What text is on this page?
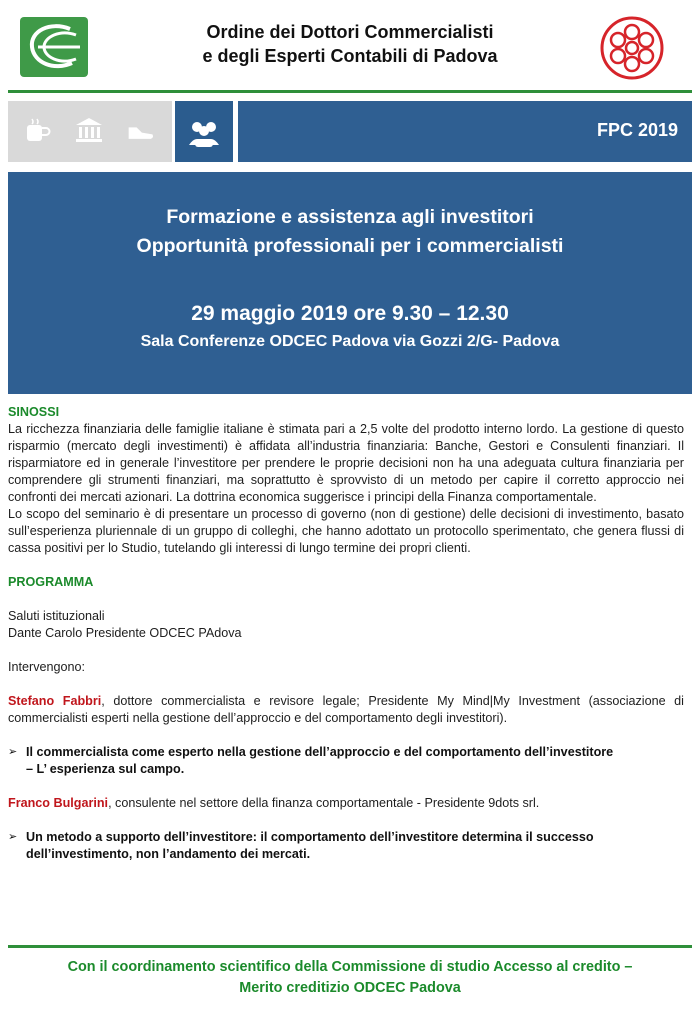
Ordine dei Dottori Commercialisti
e degli Esperti Contabili di Padova
FPC 2019
Formazione e assistenza agli investitori
Opportunità professionali per i commercialisti
29 maggio 2019 ore 9.30 – 12.30
Sala Conferenze ODCEC Padova via Gozzi 2/G- Padova

SINOSSI

La ricchezza finanziaria delle famiglie italiane è stimata pari a 2,5 volte del prodotto interno lordo. La gestione di questo risparmio (mercato degli investimenti) è affidata all’industria finanziaria: Banche, Gestori e Consulenti finanziari. Il risparmiatore ed in generale l’investitore per prendere le proprie decisioni non ha una adeguata cultura finanziaria per comprendere gli strumenti finanziari, ma soprattutto è sprovvisto di un metodo per capire il corretto approccio nei confronti dei mercati azionari. La dottrina economica suggerisce i principi della Finanza comportamentale.

Lo scopo del seminario è di presentare un processo di governo (non di gestione) delle decisioni di investimento, basato sull’esperienza pluriennale di un gruppo di colleghi, che hanno adottato un protocollo sperimentato, che genera flussi di cassa positivi per lo Studio, tutelando gli interessi di lungo termine dei propri clienti.

PROGRAMMA

Saluti istituzionali

Dante Carolo Presidente ODCEC PAdova

Intervengono:

Stefano Fabbri, dottore commercialista e revisore legale; Presidente My Mind|My Investment (associazione di commercialisti esperti nella gestione dell’approccio e del comportamento degli investitori).

➢ Il commercialista come esperto nella gestione dell’approccio e del comportamento dell’investitore
– L’ esperienza sul campo.

Franco Bulgarini, consulente nel settore della finanza comportamentale - Presidente 9dots srl.

➢ Un metodo a supporto dell’investitore: il comportamento dell’investitore determina il successo
dell’investimento, non l’andamento dei mercati.
Con il coordinamento scientifico della Commissione di studio Accesso al credito –
Merito creditizio ODCEC Padova
